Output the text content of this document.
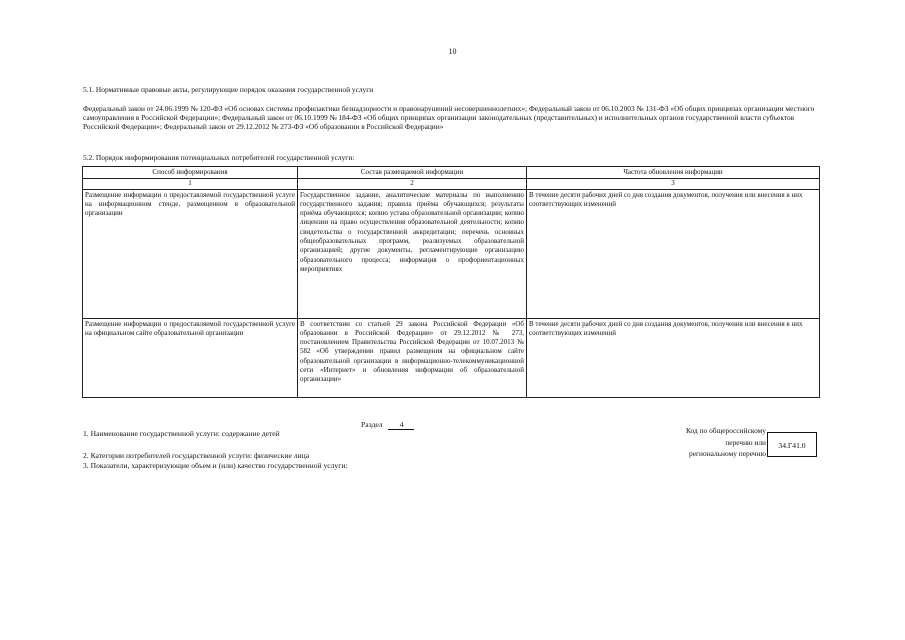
10
5.1. Нормативные правовые акты, регулирующие порядок оказания государственной услуги
Федеральный закон от 24.06.1999 № 120-ФЗ «Об основах системы профилактики безнадзорности и правонарушений несовершеннолетних»; Федеральный закон от 06.10.2003 № 131-ФЗ «Об общих принципах организации местного самоуправления в Российской Федерации»; Федеральный закон от 06.10.1999 № 184-ФЗ «Об общих принципах организации законодательных (представительных) и исполнительных органов государственной власти субъектов Российской Федерации»; Федеральный закон от 29.12.2012 № 273-ФЗ «Об образовании в Российской Федерации»
5.2. Порядок информирования потенциальных потребителей государственной услуги:
Способ информирования	Состав размещаемой информации	Частота обновления информации
1	2	3
Размещение информации о предоставляемой государственной услуге на информационном стенде, размещенном в образовательной организации	Государственное задание, аналитические материалы по выполнению государственного задания; правила приёма обучающихся; результаты приёма обучающихся; копию устава образовательной организации; копию лицензии на право осуществления образовательной деятельности; копию свидетельства о государственной аккредитации; перечень основных общеобразовательных программ, реализуемых образовательной организацией; другие документы, регламентирующие организацию образовательного процесса; информация о профориентационных мероприятиях	В течение десяти рабочих дней со дня создания документов, получения или внесения в них соответствующих изменений
Размещение информации о предоставляемой государственной услуге на официальном сайте образовательной организации	В соответствии со статьей 29 закона Российской Федерации «Об образовании в Российской Федерации» от 29.12.2012 № 273, постановлением Правительства Российской Федерации от 10.07.2013 № 582 «Об утверждении правил размещения на официальном сайте образовательной организации в информационно-телекоммуникационной сети «Интернет» и обновления информации об образовательной организации»	В течение десяти рабочих дней со дня создания документов, получения или внесения в них соответствующих изменений
Раздел 4
1. Наименование государственной услуги: содержание детей
2. Категории потребителей государственной услуги: физические лица
3. Показатели, характеризующие объем и (или) качество государственной услуги:
Код по общероссийскому
перечню или
региональному перечню
34.Г41.0
